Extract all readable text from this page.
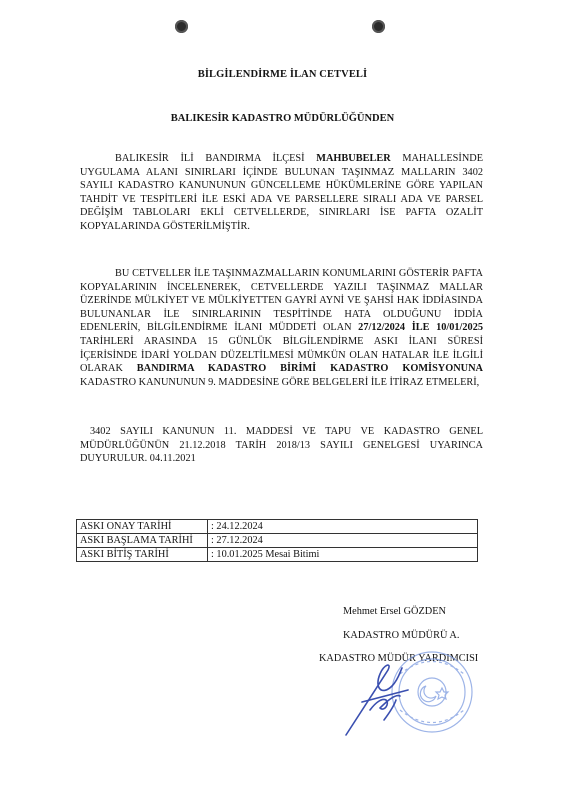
BİLGİLENDİRME İLAN CETVELİ
BALIKESİR KADASTRO MÜDÜRLÜĞÜNDEN
BALIKESİR İLİ BANDIRMA İLÇESİ MAHBUBELER MAHALLESİNDE UYGULAMA ALANI SINIRLARI İÇİNDE BULUNAN TAŞINMAZ MALLARIN 3402 SAYILI KADASTRO KANUNUNUN GÜNCELLEME HÜKÜMLERİNE GÖRE YAPILAN TAHDİT VE TESPİTLERİ İLE ESKİ ADA VE PARSELLERE SIRALI ADA VE PARSEL DEĞİŞİM TABLOLARI EKLİ CETVELLERDE, SINIRLARI İSE PAFTA OZALİT KOPYALARINDA GÖSTERİLMİŞTİR.
BU CETVELLER İLE TAŞINMAZMALLARIN KONUMLARINI GÖSTERİR PAFTA KOPYALARININ İNCELENEREK, CETVELLERDE YAZILI TAŞINMAZ MALLAR ÜZERİNDE MÜLKİYET VE MÜLKİYETTEN GAYRİ AYNİ VE ŞAHSİ HAK İDDİASINDA BULUNANLAR İLE SINIRLARININ TESPİTİNDE HATA OLDUĞUNU İDDİA EDENLERİN, BİLGİLENDİRME İLANI MÜDDETİ OLAN 27/12/2024 İLE 10/01/2025 TARİHLERİ ARASINDA 15 GÜNLÜK BİLGİLENDİRME ASKI İLANI SÜRESİ İÇERİSİNDE İDARİ YOLDAN DÜZELTİLMESİ MÜMKÜN OLAN HATALAR İLE İLGİLİ OLARAK BANDIRMA KADASTRO BİRİMİ KADASTRO KOMİSYONUNA KADASTRO KANUNUNUN 9. MADDESİNE GÖRE BELGELERİ İLE İTİRAZ ETMELERİ,
3402 SAYILI KANUNUN 11. MADDESİ VE TAPU VE KADASTRO GENEL MÜDÜRLÜĞÜNÜN 21.12.2018 TARİH 2018/13 SAYILI GENELGESİ UYARINCA DUYURULUR. 04.11.2021
ASKI ONAY TARİHİ	: 24.12.2024
ASKI BAŞLAMA TARİHİ	: 27.12.2024
ASKI BİTİŞ TARİHİ	: 10.01.2025 Mesai Bitimi
Mehmet Ersel GÖZDEN
KADASTRO MÜDÜRÜ A.
KADASTRO MÜDÜR YARDIMCISI
